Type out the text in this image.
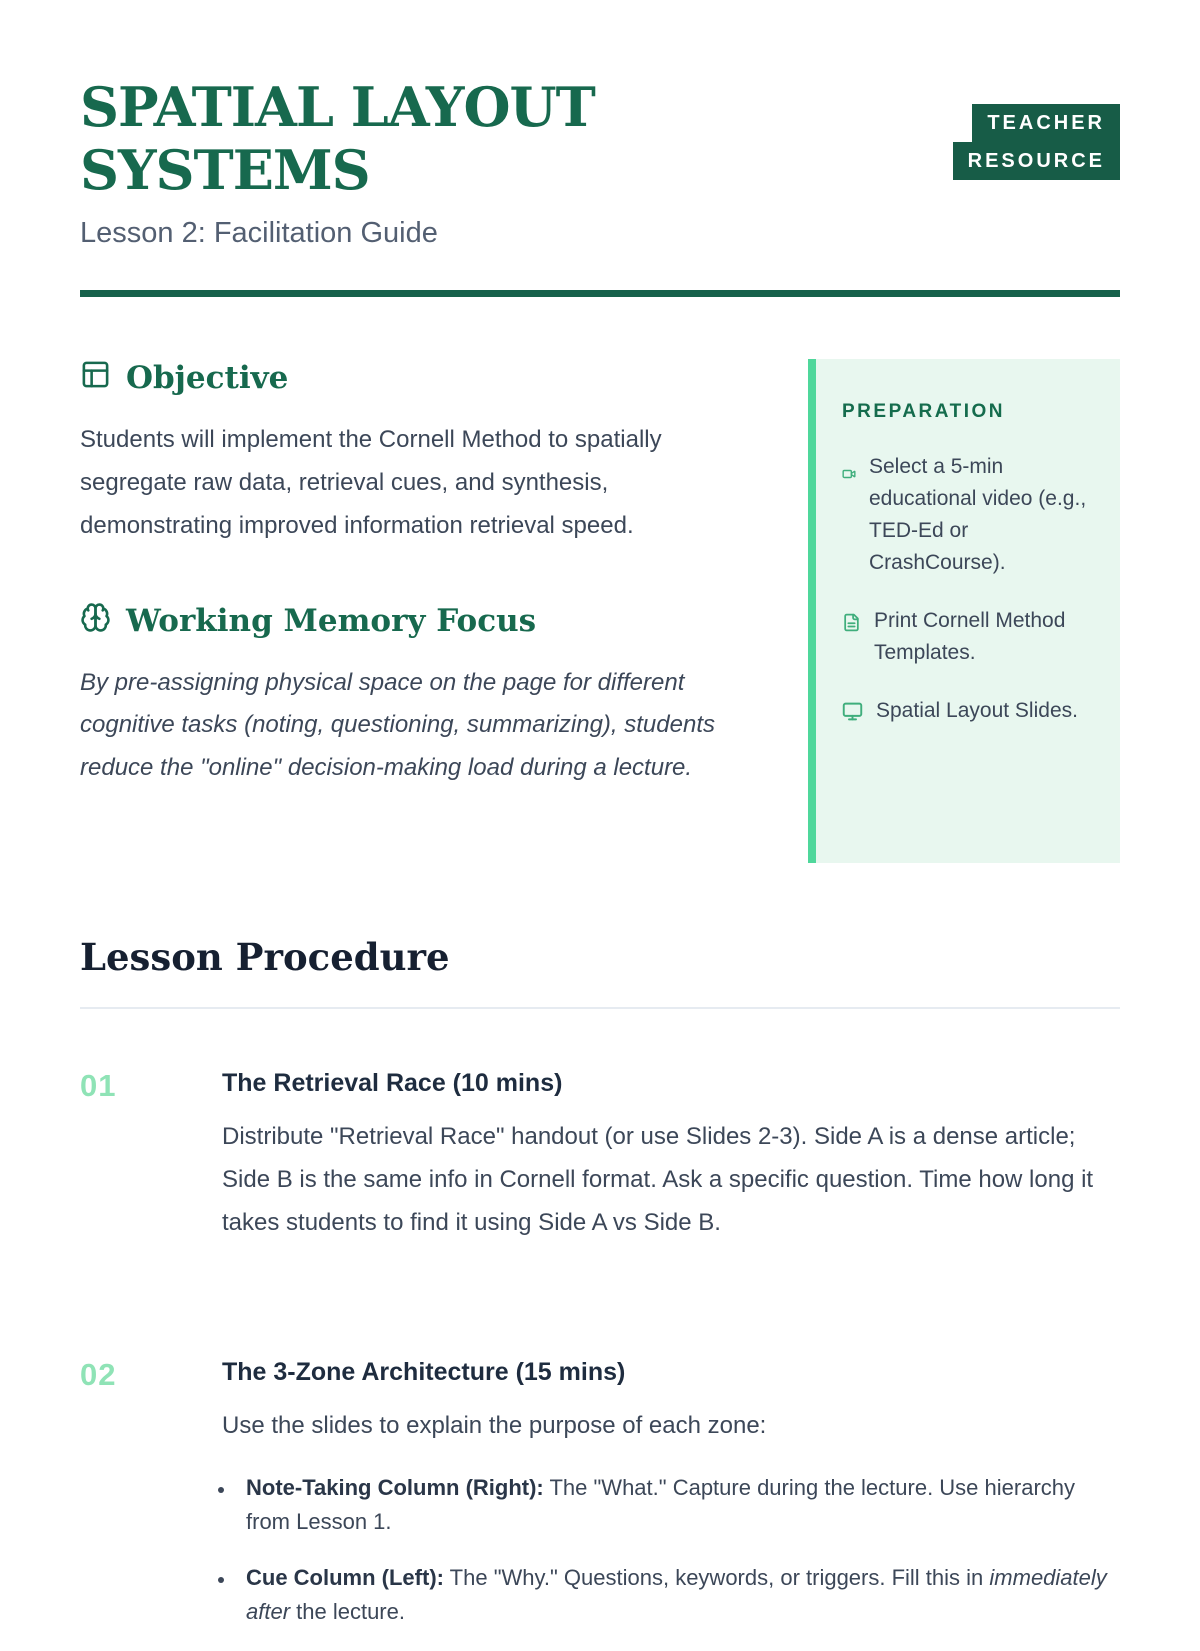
SPATIAL LAYOUT SYSTEMS
Lesson 2: Facilitation Guide
TEACHER
RESOURCE
Objective

Students will implement the Cornell Method to spatially segregate raw data, retrieval cues, and synthesis, demonstrating improved information retrieval speed.

Working Memory Focus

By pre-assigning physical space on the page for different cognitive tasks (noting, questioning, summarizing), students reduce the "online" decision-making load during a lecture.

PREPARATION
Select a 5-min educational video (e.g., TED-Ed or CrashCourse).
Print Cornell Method Templates.
Spatial Layout Slides.
Lesson Procedure
01	The Retrieval Race (10 mins)

Distribute "Retrieval Race" handout (or use Slides 2-3). Side A is a dense article; Side B is the same info in Cornell format. Ask a specific question. Time how long it takes students to find it using Side A vs Side B.

02	The 3-Zone Architecture (15 mins)

Use the slides to explain the purpose of each zone:

• Note-Taking Column (Right): The "What." Capture during the lecture. Use hierarchy from Lesson 1.
• Cue Column (Left): The "Why." Questions, keywords, or triggers. Fill this in immediately after the lecture.
